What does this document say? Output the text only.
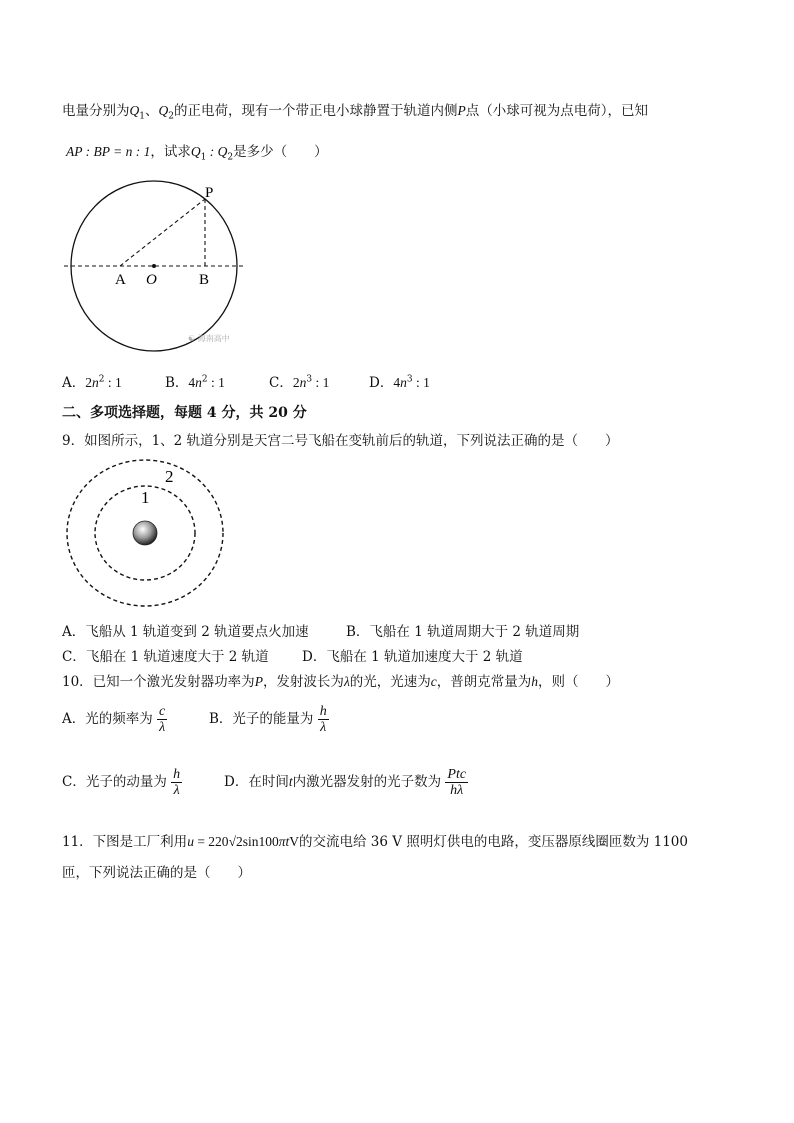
电量分别为$Q_1$、$Q_2$的正电荷，现有一个带正电小球静置于轨道内侧P点（小球可视为点电荷），已知
AP : BP = n : 1，试求$Q_1$ : $Q_2$是多少（　　）
P
A O	B
☯ 海南高中
A．$2n^2$ : 1	B．$4n^2$ : 1	C．$2n^3$ : 1	D．$4n^3$ : 1
二、多项选择题，每题 4 分，共 20 分
9．如图所示，1、2 轨道分别是天宫二号飞船在变轨前后的轨道，下列说法正确的是（　　）
2
1
A．飞船从 1 轨道变到 2 轨道要点火加速	B．飞船在 1 轨道周期大于 2 轨道周期
C．飞船在 1 轨道速度大于 2 轨道 D．飞船在 1 轨道加速度大于 2 轨道
10．已知一个激光发射器功率为P，发射波长为λ的光，光速为c，普朗克常量为h，则（　　）
A．光的频率为 $\frac{c}{\lambda}$	B．光子的能量为 $\frac{h}{\lambda}$
C．光子的动量为 $\frac{h}{\lambda}$	D．在时间t内激光器发射的光子数为 $\frac{\text{Ptc}}{h\lambda}$
11．下图是工厂利用u = 220√2sin100πtV的交流电给 36 V 照明灯供电的电路，变压器原线圈匝数为 1100
匝，下列说法正确的是（　　）
